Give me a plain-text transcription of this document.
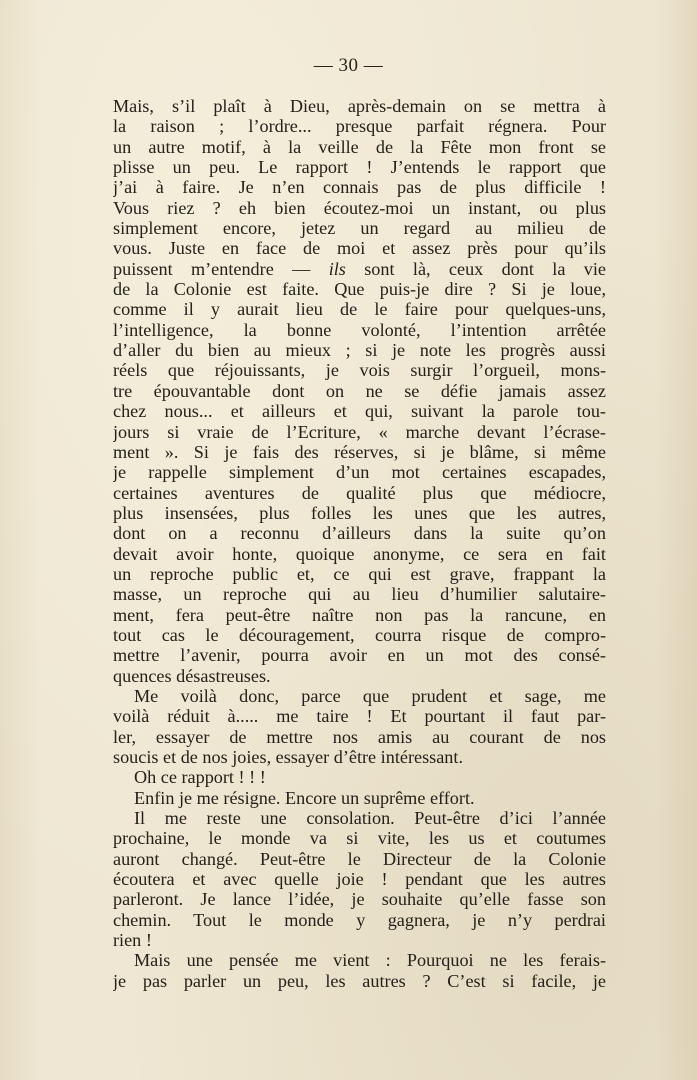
— 30 —
Mais, s’il plaît à Dieu, après-demain on se mettra à
la raison ; l’ordre... presque parfait régnera. Pour
un autre motif, à la veille de la Fête mon front se
plisse un peu. Le rapport ! J’entends le rapport que
j’ai à faire. Je n’en connais pas de plus difficile !
Vous riez ? eh bien écoutez-moi un instant, ou plus
simplement encore, jetez un regard au milieu de
vous. Juste en face de moi et assez près pour qu’ils
puissent m’entendre — ils sont là, ceux dont la vie
de la Colonie est faite. Que puis-je dire ? Si je loue,
comme il y aurait lieu de le faire pour quelques-uns,
l’intelligence, la bonne volonté, l’intention arrêtée
d’aller du bien au mieux ; si je note les progrès aussi
réels que réjouissants, je vois surgir l’orgueil, mons-
tre épouvantable dont on ne se défie jamais assez
chez nous... et ailleurs et qui, suivant la parole tou-
jours si vraie de l’Ecriture, « marche devant l’écrase-
ment ». Si je fais des réserves, si je blâme, si même
je rappelle simplement d’un mot certaines escapades,
certaines aventures de qualité plus que médiocre,
plus insensées, plus folles les unes que les autres,
dont on a reconnu d’ailleurs dans la suite qu’on
devait avoir honte, quoique anonyme, ce sera en fait
un reproche public et, ce qui est grave, frappant la
masse, un reproche qui au lieu d’humilier salutaire-
ment, fera peut-être naître non pas la rancune, en
tout cas le découragement, courra risque de compro-
mettre l’avenir, pourra avoir en un mot des consé-
quences désastreuses.
Me voilà donc, parce que prudent et sage, me
voilà réduit à..... me taire ! Et pourtant il faut par-
ler, essayer de mettre nos amis au courant de nos
soucis et de nos joies, essayer d’être intéressant.
Oh ce rapport ! ! !
Enfin je me résigne. Encore un suprême effort.
Il me reste une consolation. Peut-être d’ici l’année
prochaine, le monde va si vite, les us et coutumes
auront changé. Peut-être le Directeur de la Colonie
écoutera et avec quelle joie ! pendant que les autres
parleront. Je lance l’idée, je souhaite qu’elle fasse son
chemin. Tout le monde y gagnera, je n’y perdrai
rien !
Mais une pensée me vient : Pourquoi ne les ferais-
je pas parler un peu, les autres ? C’est si facile, je
